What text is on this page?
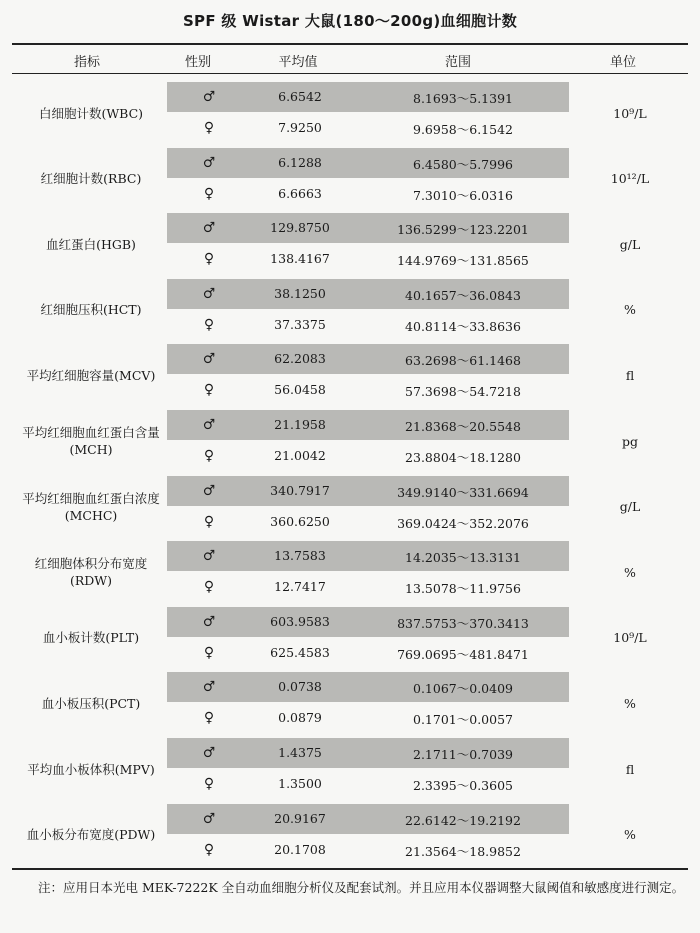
SPF 级 Wistar 大鼠(180～200g)血细胞计数
指标	性别	平均值	范围	单位
白细胞计数(WBC)
♂	6.6542	8.1693～5.1391
♀	7.9250	9.6958～6.1542
10⁹/L
红细胞计数(RBC)
♂	6.1288	6.4580～5.7996
♀	6.6663	7.3010～6.0316
10¹²/L
血红蛋白(HGB)
♂	129.8750	136.5299～123.2201
♀	138.4167	144.9769～131.8565
g/L
红细胞压积(HCT)
♂	38.1250	40.1657～36.0843
♀	37.3375	40.8114～33.8636
%
平均红细胞容量(MCV)
♂	62.2083	63.2698～61.1468
♀	56.0458	57.3698～54.7218
fl
平均红细胞血红蛋白含量(MCH)
♂	21.1958	21.8368～20.5548
♀	21.0042	23.8804～18.1280
pg
平均红细胞血红蛋白浓度(MCHC)
♂	340.7917	349.9140～331.6694
♀	360.6250	369.0424～352.2076
g/L
红细胞体积分布宽度(RDW)
♂	13.7583	14.2035～13.3131
♀	12.7417	13.5078～11.9756
%
血小板计数(PLT)
♂	603.9583	837.5753～370.3413
♀	625.4583	769.0695～481.8471
10⁹/L
血小板压积(PCT)
♂	0.0738	0.1067～0.0409
♀	0.0879	0.1701～0.0057
%
平均血小板体积(MPV)
♂	1.4375	2.1711～0.7039
♀	1.3500	2.3395～0.3605
fl
血小板分布宽度(PDW)
♂	20.9167	22.6142～19.2192
♀	20.1708	21.3564～18.9852
%
注：应用日本光电 MEK-7222K 全自动血细胞分析仪及配套试剂。并且应用本仪器调整大鼠阈值和敏感度进行测定。
